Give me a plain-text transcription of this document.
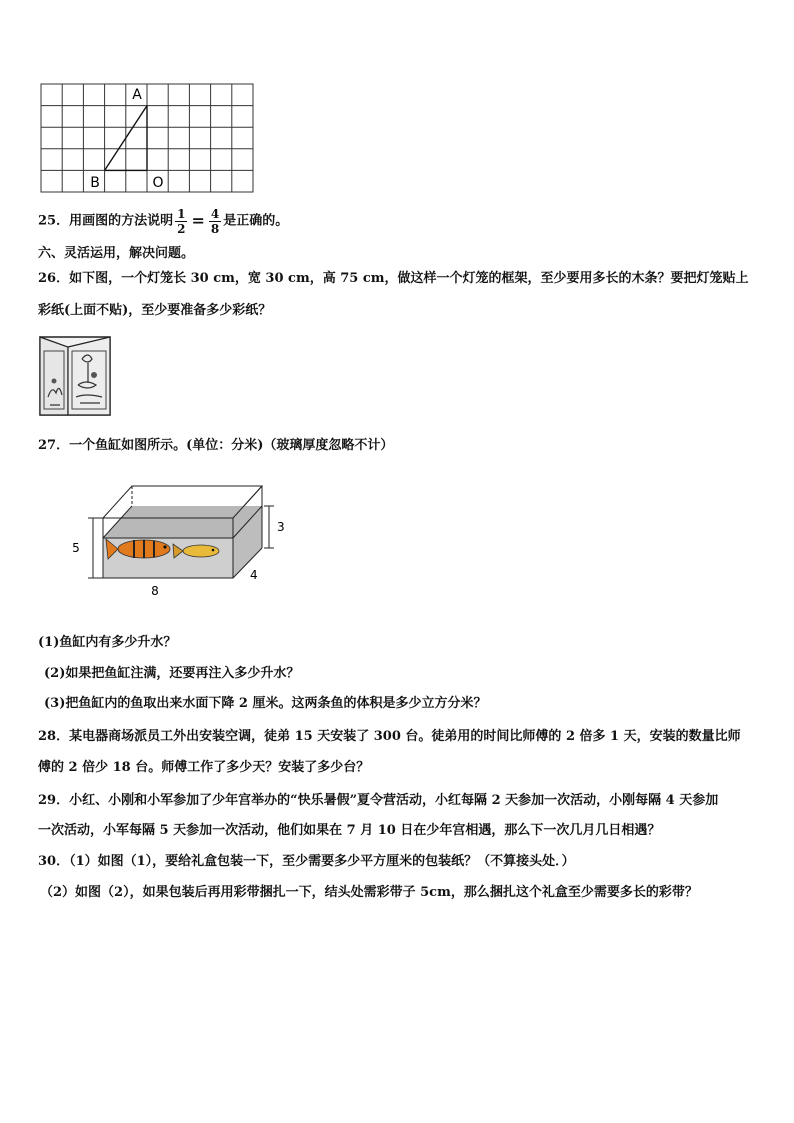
A
B	O
25．用画图的方法说明 $\frac{1}{2} = \frac{4}{8}$ 是正确的。
六、灵活运用，解决问题。
26．如下图，一个灯笼长 30 cm，宽 30 cm，高 75 cm，做这样一个灯笼的框架，至少要用多长的木条？要把灯笼贴上
彩纸(上面不贴)，至少要准备多少彩纸？
27．一个鱼缸如图所示。(单位：分米)（玻璃厚度忽略不计）
5
3
4
8
(1)鱼缸内有多少升水？
(2)如果把鱼缸注满，还要再注入多少升水？
(3)把鱼缸内的鱼取出来水面下降 2 厘米。这两条鱼的体积是多少立方分米？
28．某电器商场派员工外出安装空调，徒弟 15 天安装了 300 台。徒弟用的时间比师傅的 2 倍多 1 天，安装的数量比师
傅的 2 倍少 18 台。师傅工作了多少天？安装了多少台？
29．小红、小刚和小军参加了少年宫举办的“快乐暑假”夏令营活动，小红每隔 2 天参加一次活动，小刚每隔 4 天参加
一次活动，小军每隔 5 天参加一次活动，他们如果在 7 月 10 日在少年宫相遇，那么下一次几月几日相遇？
30．（1）如图（1），要给礼盒包装一下，至少需要多少平方厘米的包装纸？（不算接头处．）
（2）如图（2），如果包装后再用彩带捆扎一下，结头处需彩带子 5cm，那么捆扎这个礼盒至少需要多长的彩带？
